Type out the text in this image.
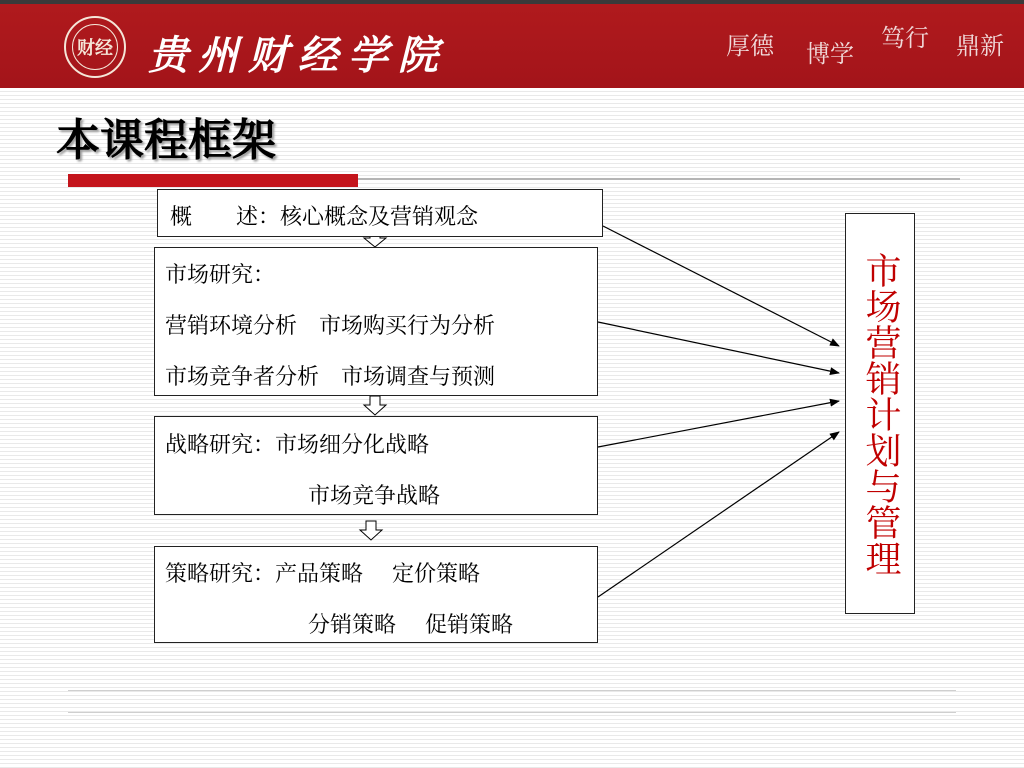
财经 贵州财经学院	厚德 博学
笃行 鼎新
本课程框架
概　　述：核心概念及营销观念
市场研究：
营销环境分析　市场购买行为分析
市场竞争者分析　市场调查与预测
战略研究：市场细分化战略
市场竞争战略
策略研究：产品策略　 定价策略
分销策略　 促销策略
市场营销计划与管理
